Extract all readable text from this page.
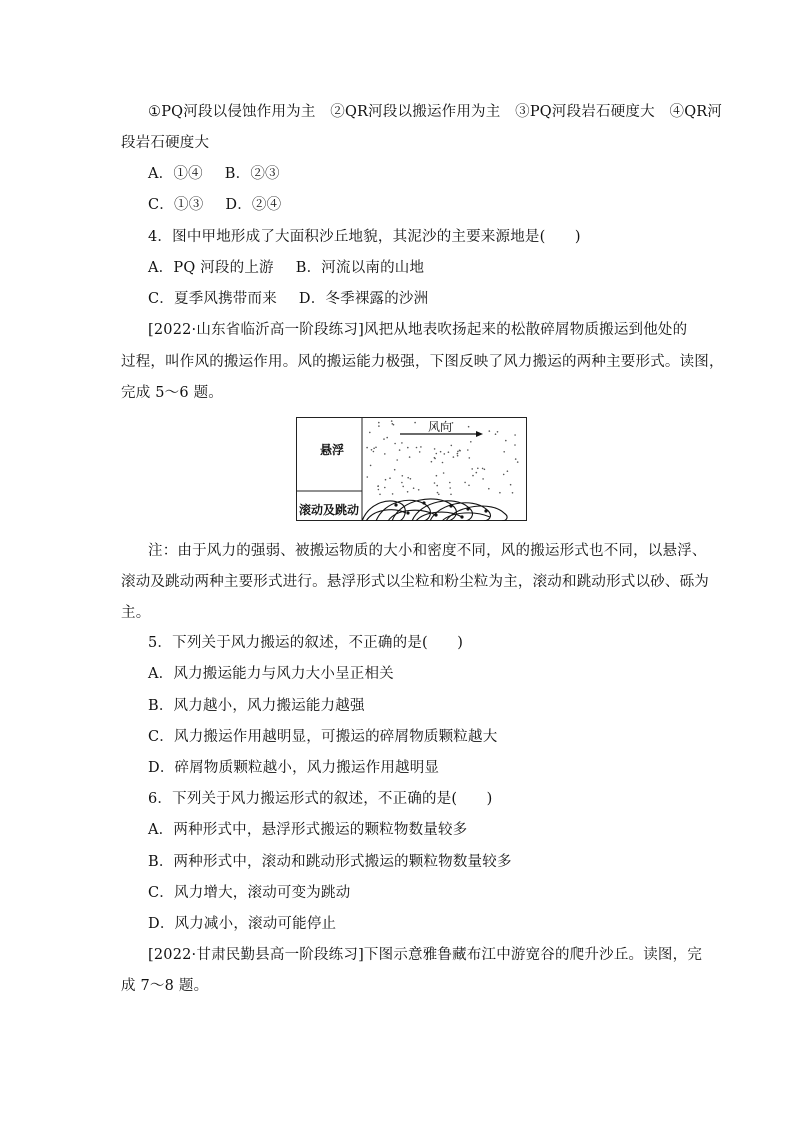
①PQ河段以侵蚀作用为主　②QR河段以搬运作用为主　③PQ河段岩石硬度大　④QR河
段岩石硬度大
A．①④ B．②③
C．①③ D．②④
4．图中甲地形成了大面积沙丘地貌，其泥沙的主要来源地是(　　)
A．PQ 河段的上游 B．河流以南的山地
C．夏季风携带而来 D．冬季裸露的沙洲
[2022·山东省临沂高一阶段练习]风把从地表吹扬起来的松散碎屑物质搬运到他处的
过程，叫作风的搬运作用。风的搬运能力极强，下图反映了风力搬运的两种主要形式。读图，
完成 5～6 题。
悬浮
滚动及跳动
风向
注：由于风力的强弱、被搬运物质的大小和密度不同，风的搬运形式也不同，以悬浮、
滚动及跳动两种主要形式进行。悬浮形式以尘粒和粉尘粒为主，滚动和跳动形式以砂、砾为
主。
5．下列关于风力搬运的叙述，不正确的是(　　)
A．风力搬运能力与风力大小呈正相关
B．风力越小，风力搬运能力越强
C．风力搬运作用越明显，可搬运的碎屑物质颗粒越大
D．碎屑物质颗粒越小，风力搬运作用越明显
6．下列关于风力搬运形式的叙述，不正确的是(　　)
A．两种形式中，悬浮形式搬运的颗粒物数量较多
B．两种形式中，滚动和跳动形式搬运的颗粒物数量较多
C．风力增大，滚动可变为跳动
D．风力减小，滚动可能停止
[2022·甘肃民勤县高一阶段练习]下图示意雅鲁藏布江中游宽谷的爬升沙丘。读图，完
成 7～8 题。
